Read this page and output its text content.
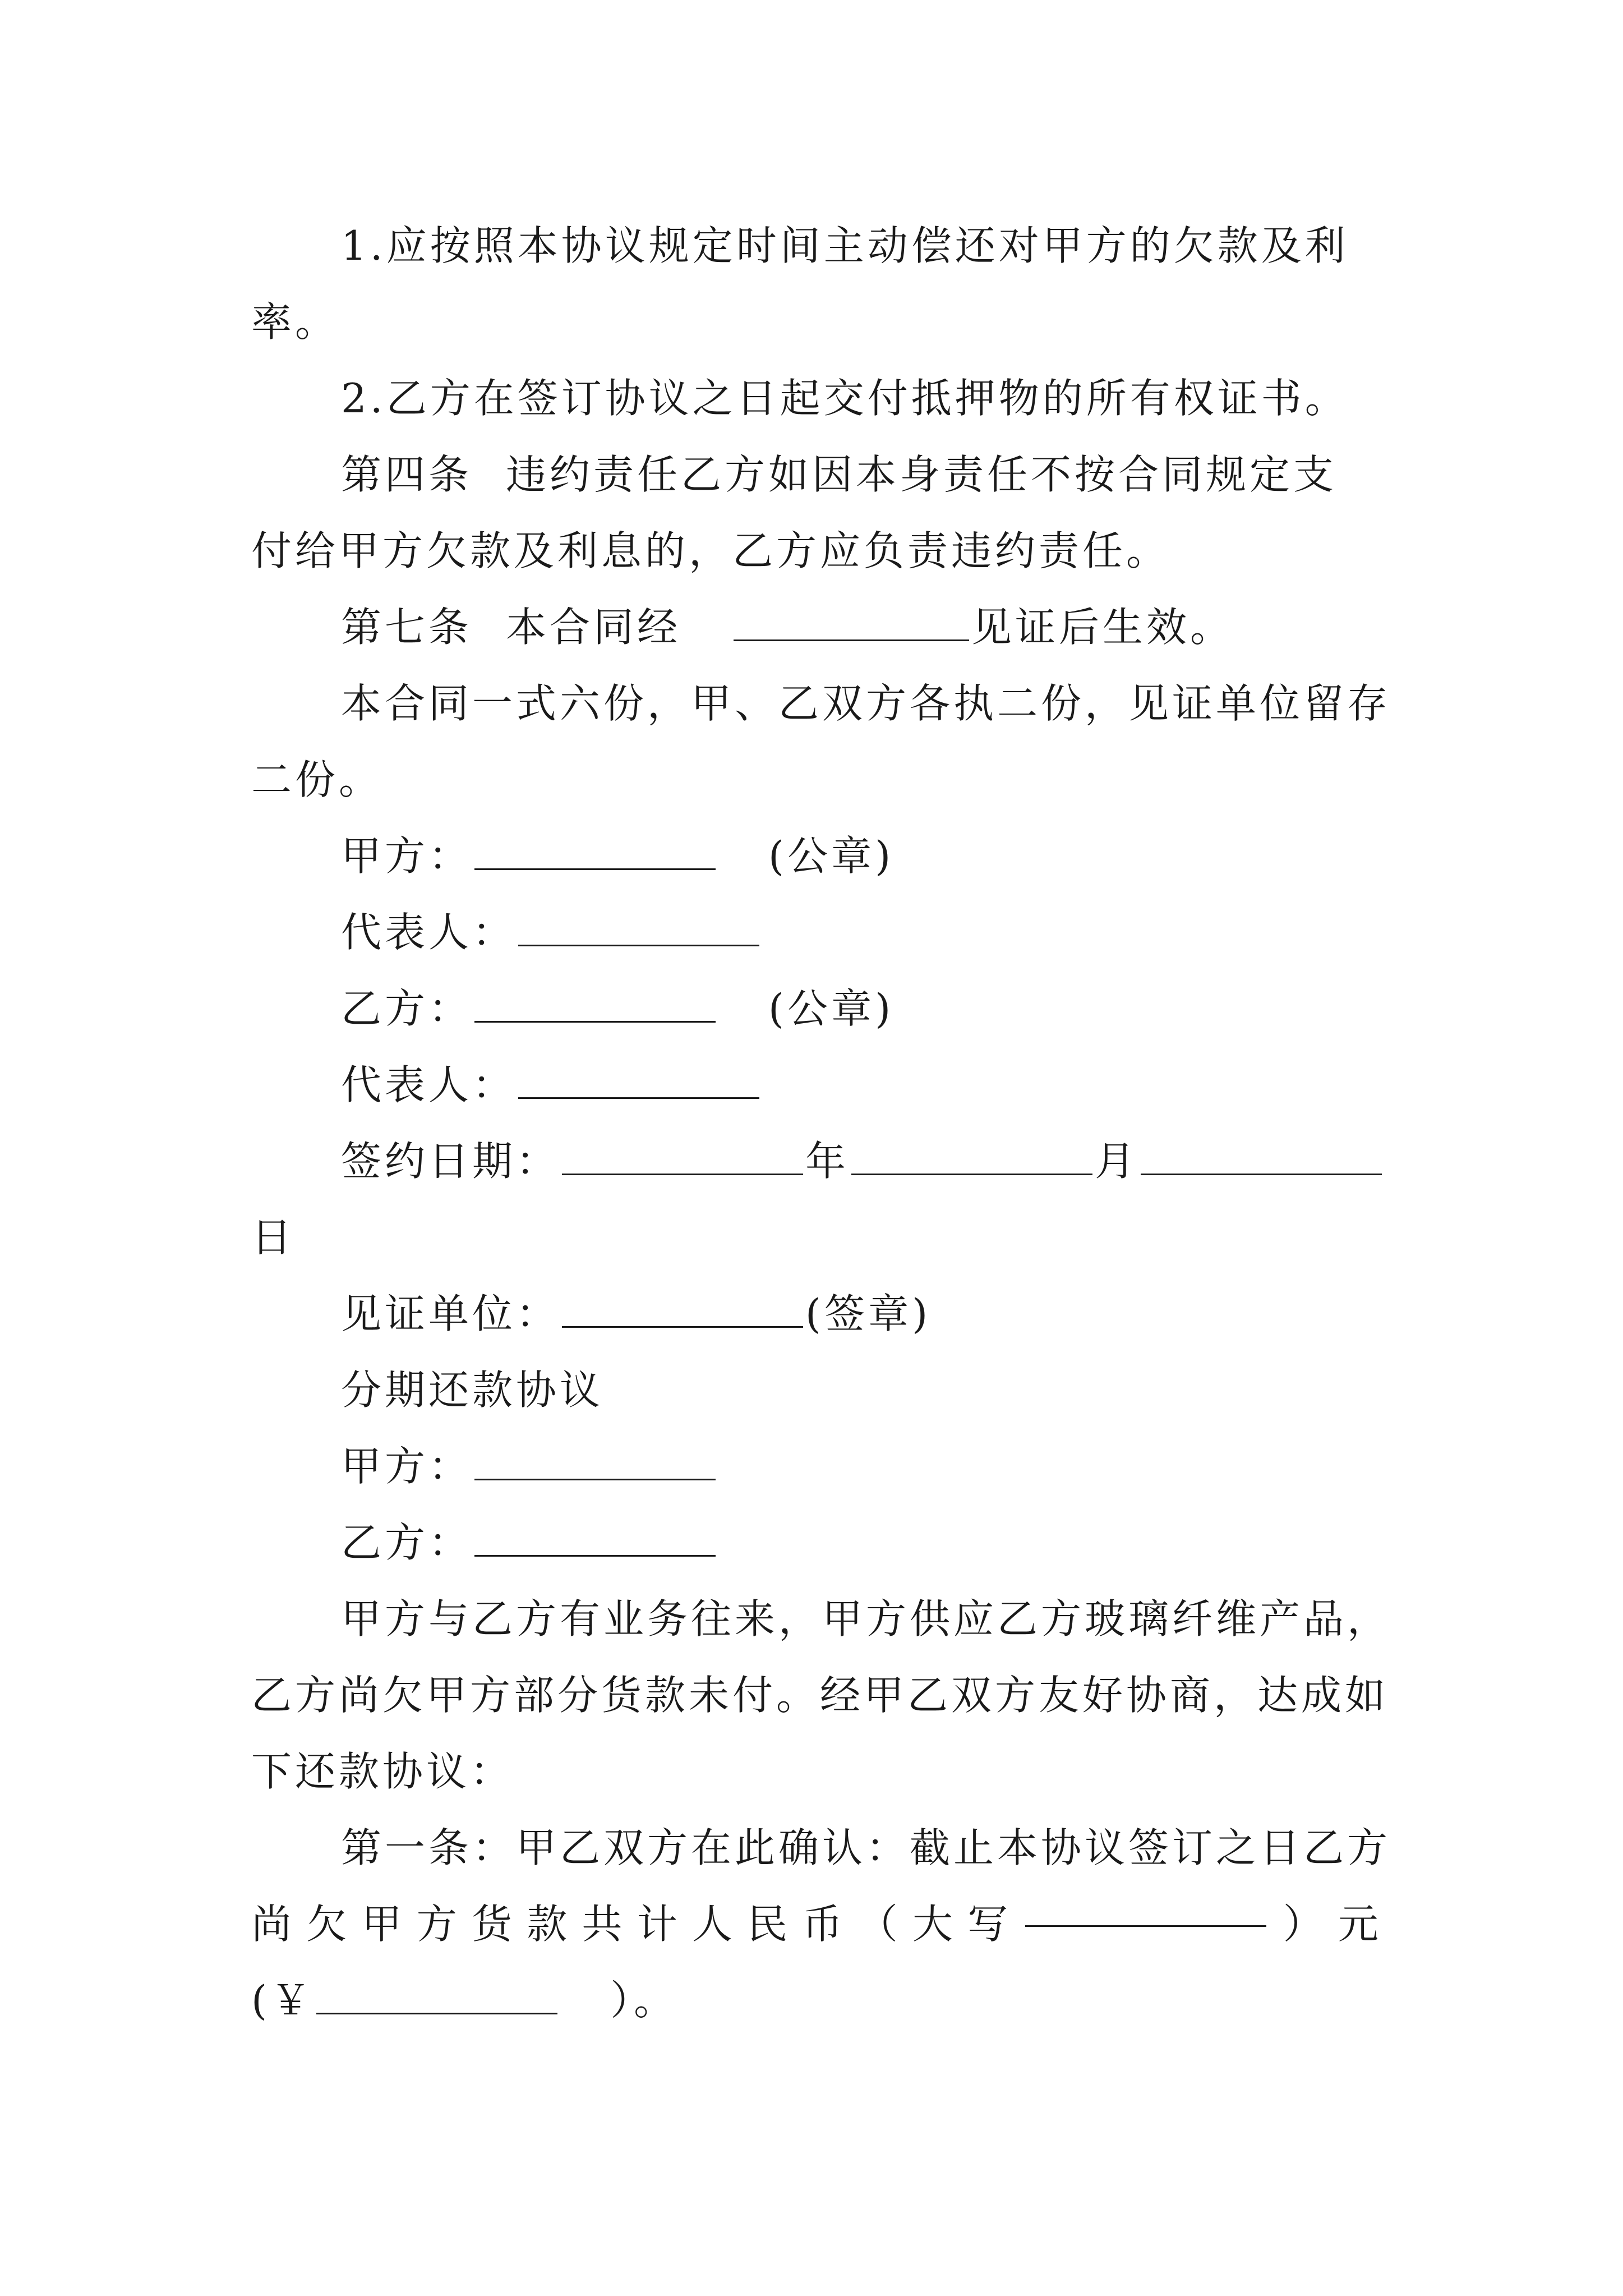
1.应按照本协议规定时间主动偿还对甲方的欠款及利
率。
2.乙方在签订协议之日起交付抵押物的所有权证书。
第四条 违约责任乙方如因本身责任不按合同规定支
付给甲方欠款及利息的，乙方应负责违约责任。
第七条 本合同经	见证后生效。
本合同一式六份，甲、乙双方各执二份，见证单位留存
二份。
甲方：	(公章)
代表人：
乙方：	(公章)
代表人：
签约日期：	年	月
日
见证单位：	(签章)
分期还款协议
甲方：
乙方：
甲方与乙方有业务往来，甲方供应乙方玻璃纤维产品，
乙方尚欠甲方部分货款未付。经甲乙双方友好协商，达成如
下还款协议：
第一条：甲乙双方在此确认：截止本协议签订之日乙方
尚 欠 甲 方 货 款 共 计 人 民 币 （ 大 写	） 元
(￥	）。
